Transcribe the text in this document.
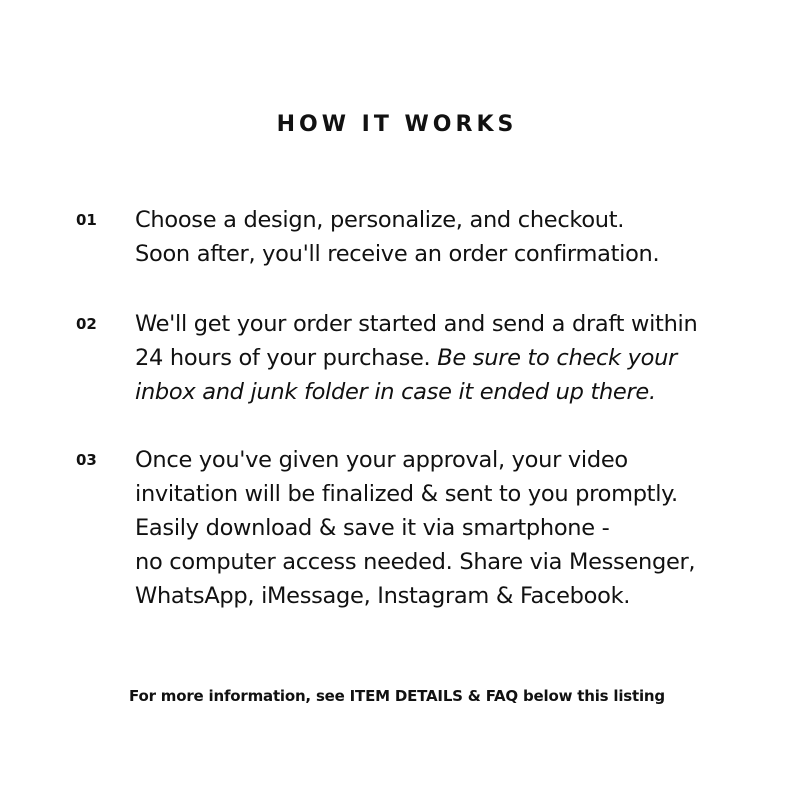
HOW IT WORKS
01	Choose a design, personalize, and checkout.
Soon after, you'll receive an order confirmation.
02	We'll get your order started and send a draft within
24 hours of your purchase. Be sure to check your
inbox and junk folder in case it ended up there.
03	Once you've given your approval, your video
invitation will be finalized & sent to you promptly.
Easily download & save it via smartphone -
no computer access needed. Share via Messenger,
WhatsApp, iMessage, Instagram & Facebook.
For more information, see ITEM DETAILS & FAQ below this listing
